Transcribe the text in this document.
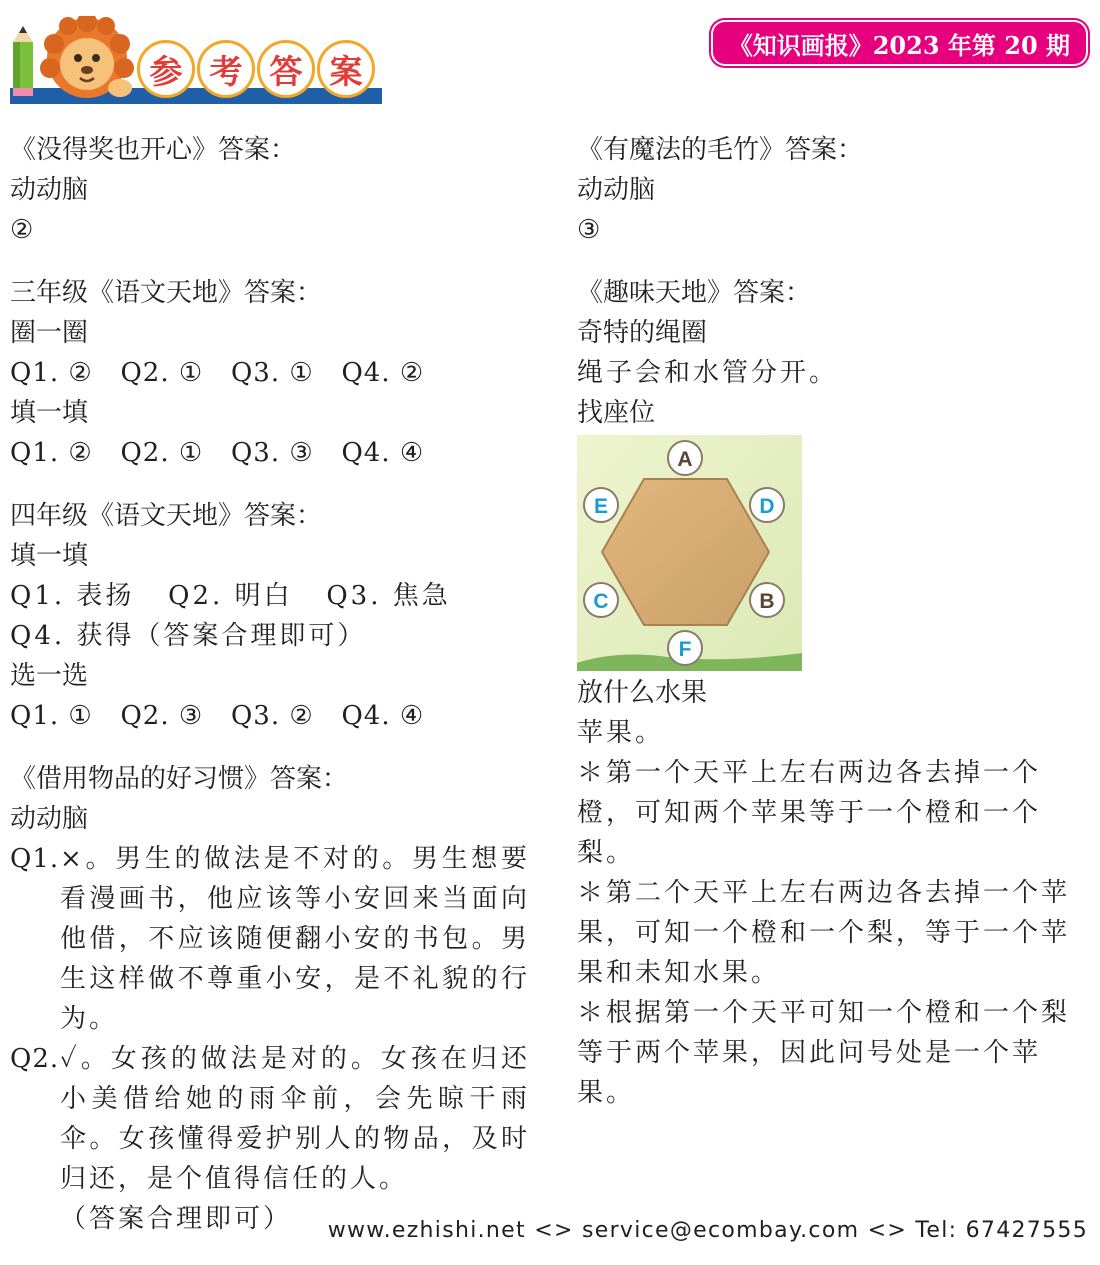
参 考 答 案
《知识画报》2023 年第 20 期
《没得奖也开心》答案：
动动脑
②
三年级《语文天地》答案：
圈一圈
Q1. ②   Q2. ①   Q3. ①   Q4. ②
填一填
Q1. ②   Q2. ①   Q3. ③   Q4. ④
四年级《语文天地》答案：
填一填
Q1. 表扬   Q2. 明白   Q3. 焦急
Q4. 获得（答案合理即可）
选一选
Q1. ①   Q2. ③   Q3. ②   Q4. ④
《借用物品的好习惯》答案：
动动脑
Q1. ×。男生的做法是不对的。男生想要看漫画书，他应该等小安回来当面向他借，不应该随便翻小安的书包。男生这样做不尊重小安，是不礼貌的行为。
Q2. ✓。女孩的做法是对的。女孩在归还小美借给她的雨伞前，会先晾干雨伞。女孩懂得爱护别人的物品，及时归还，是个值得信任的人。
（答案合理即可）
《有魔法的毛竹》答案：
动动脑
③
《趣味天地》答案：
奇特的绳圈
绳子会和水管分开。
找座位
A
D
E
C	B
F
放什么水果
苹果。
＊第一个天平上左右两边各去掉一个橙，可知两个苹果等于一个橙和一个梨。
＊第二个天平上左右两边各去掉一个苹果，可知一个橙和一个梨，等于一个苹果和未知水果。
＊根据第一个天平可知一个橙和一个梨等于两个苹果，因此问号处是一个苹果。
www.ezhishi.net <> service@ecombay.com <> Tel: 67427555
